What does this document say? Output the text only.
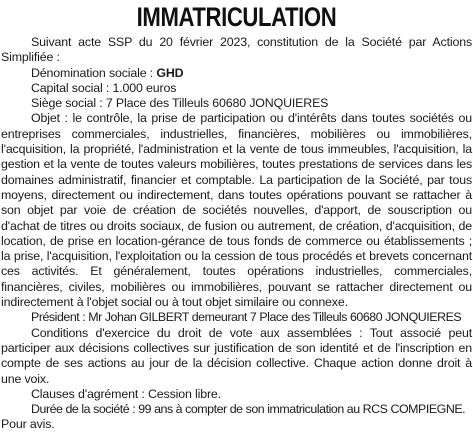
IMMATRICULATION

Suivant acte SSP du 20 février 2023, constitution de la Société par Actions Simplifiée :

Dénomination sociale : GHD

Capital social : 1.000 euros

Siège social : 7 Place des Tilleuls 60680 JONQUIERES

Objet : le contrôle, la prise de participation ou d'intérêts dans toutes sociétés ou entreprises commerciales, industrielles, financières, mobilières ou immobilières, l'acquisition, la propriété, l'administration et la vente de tous immeubles, l'acquisition, la gestion et la vente de toutes valeurs mobilières, toutes prestations de services dans les domaines administratif, financier et comptable. La participation de la Société, par tous moyens, directement ou indirectement, dans toutes opérations pouvant se rattacher à son objet par voie de création de sociétés nouvelles, d'apport, de souscription ou d'achat de titres ou droits sociaux, de fusion ou autrement, de création, d'acquisition, de location, de prise en location-gérance de tous fonds de commerce ou établissements ; la prise, l'acquisition, l'exploitation ou la cession de tous procédés et brevets concernant ces activités. Et généralement, toutes opérations industrielles, commerciales, financières, civiles, mobilières ou immobilières, pouvant se rattacher directement ou indirectement à l'objet social ou à tout objet similaire ou connexe.

Président : Mr Johan GILBERT demeurant 7 Place des Tilleuls 60680 JONQUIERES

Conditions d'exercice du droit de vote aux assemblées : Tout associé peut participer aux décisions collectives sur justification de son identité et de l'inscription en compte de ses actions au jour de la décision collective. Chaque action donne droit à une voix.

Clauses d'agrément : Cession libre.

Durée de la société : 99 ans à compter de son immatriculation au RCS COMPIEGNE.

Pour avis.
